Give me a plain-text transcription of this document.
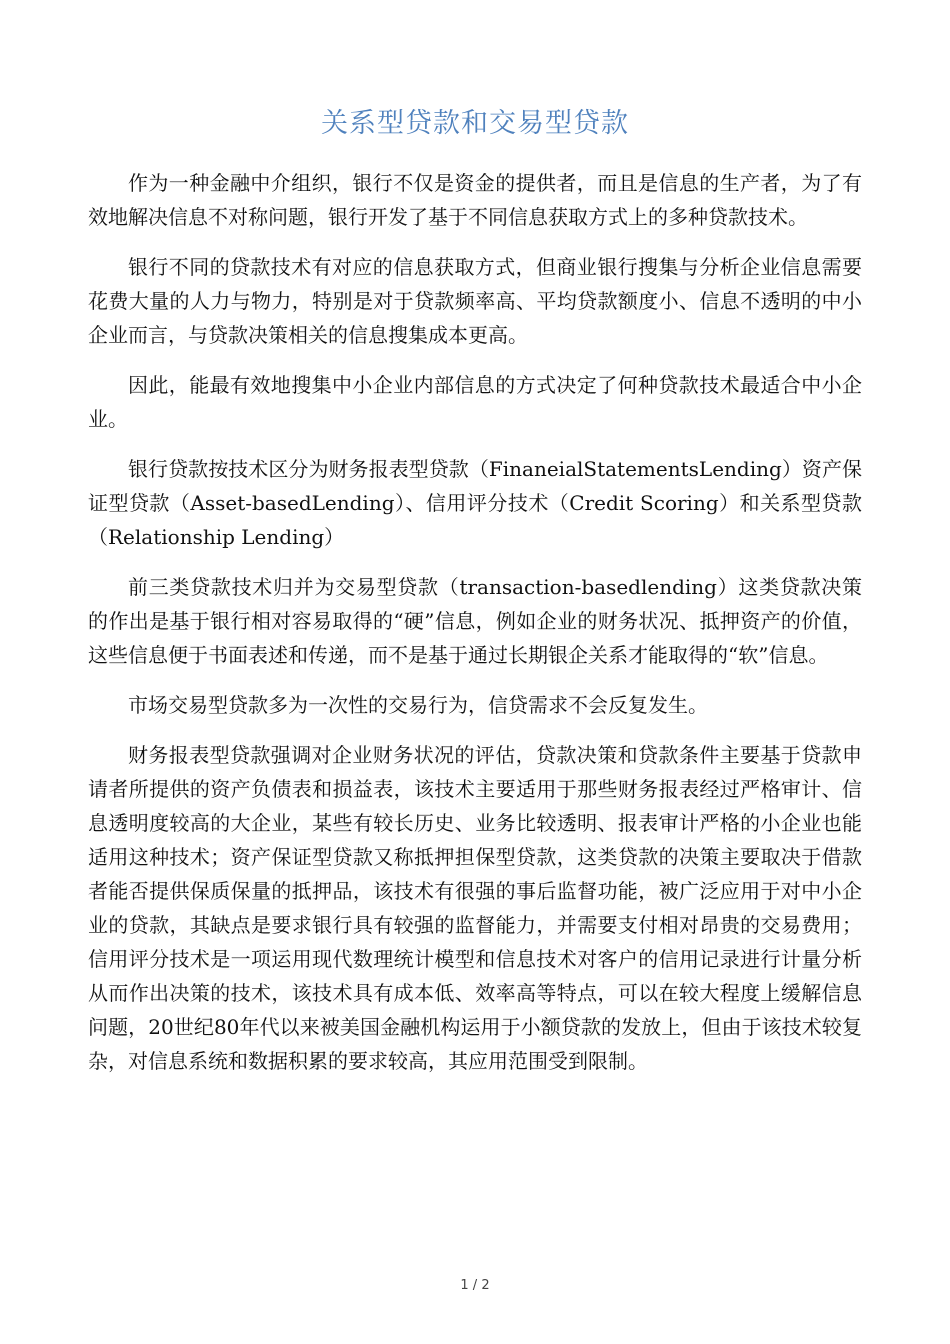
关系型贷款和交易型贷款

作为一种金融中介组织，银行不仅是资金的提供者，而且是信息的生产者，为了有效地解决信息不对称问题，银行开发了基于不同信息获取方式上的多种贷款技术。

银行不同的贷款技术有对应的信息获取方式，但商业银行搜集与分析企业信息需要花费大量的人力与物力，特别是对于贷款频率高、平均贷款额度小、信息不透明的中小企业而言，与贷款决策相关的信息搜集成本更高。

因此，能最有效地搜集中小企业内部信息的方式决定了何种贷款技术最适合中小企业。

银行贷款按技术区分为财务报表型贷款（FinaneialStatementsLending）资产保证型贷款（Asset-basedLending）、信用评分技术（Credit Scoring）和关系型贷款（Relationship Lending）

前三类贷款技术归并为交易型贷款（transaction-basedlending）这类贷款决策的作出是基于银行相对容易取得的“硬”信息，例如企业的财务状况、抵押资产的价值，这些信息便于书面表述和传递，而不是基于通过长期银企关系才能取得的“软”信息。

市场交易型贷款多为一次性的交易行为，信贷需求不会反复发生。

财务报表型贷款强调对企业财务状况的评估，贷款决策和贷款条件主要基于贷款申请者所提供的资产负债表和损益表，该技术主要适用于那些财务报表经过严格审计、信息透明度较高的大企业，某些有较长历史、业务比较透明、报表审计严格的小企业也能适用这种技术；资产保证型贷款又称抵押担保型贷款，这类贷款的决策主要取决于借款者能否提供保质保量的抵押品，该技术有很强的事后监督功能，被广泛应用于对中小企业的贷款，其缺点是要求银行具有较强的监督能力，并需要支付相对昂贵的交易费用；信用评分技术是一项运用现代数理统计模型和信息技术对客户的信用记录进行计量分析从而作出决策的技术，该技术具有成本低、效率高等特点，可以在较大程度上缓解信息问题，20世纪80年代以来被美国金融机构运用于小额贷款的发放上，但由于该技术较复杂，对信息系统和数据积累的要求较高，其应用范围受到限制。

1 / 2
